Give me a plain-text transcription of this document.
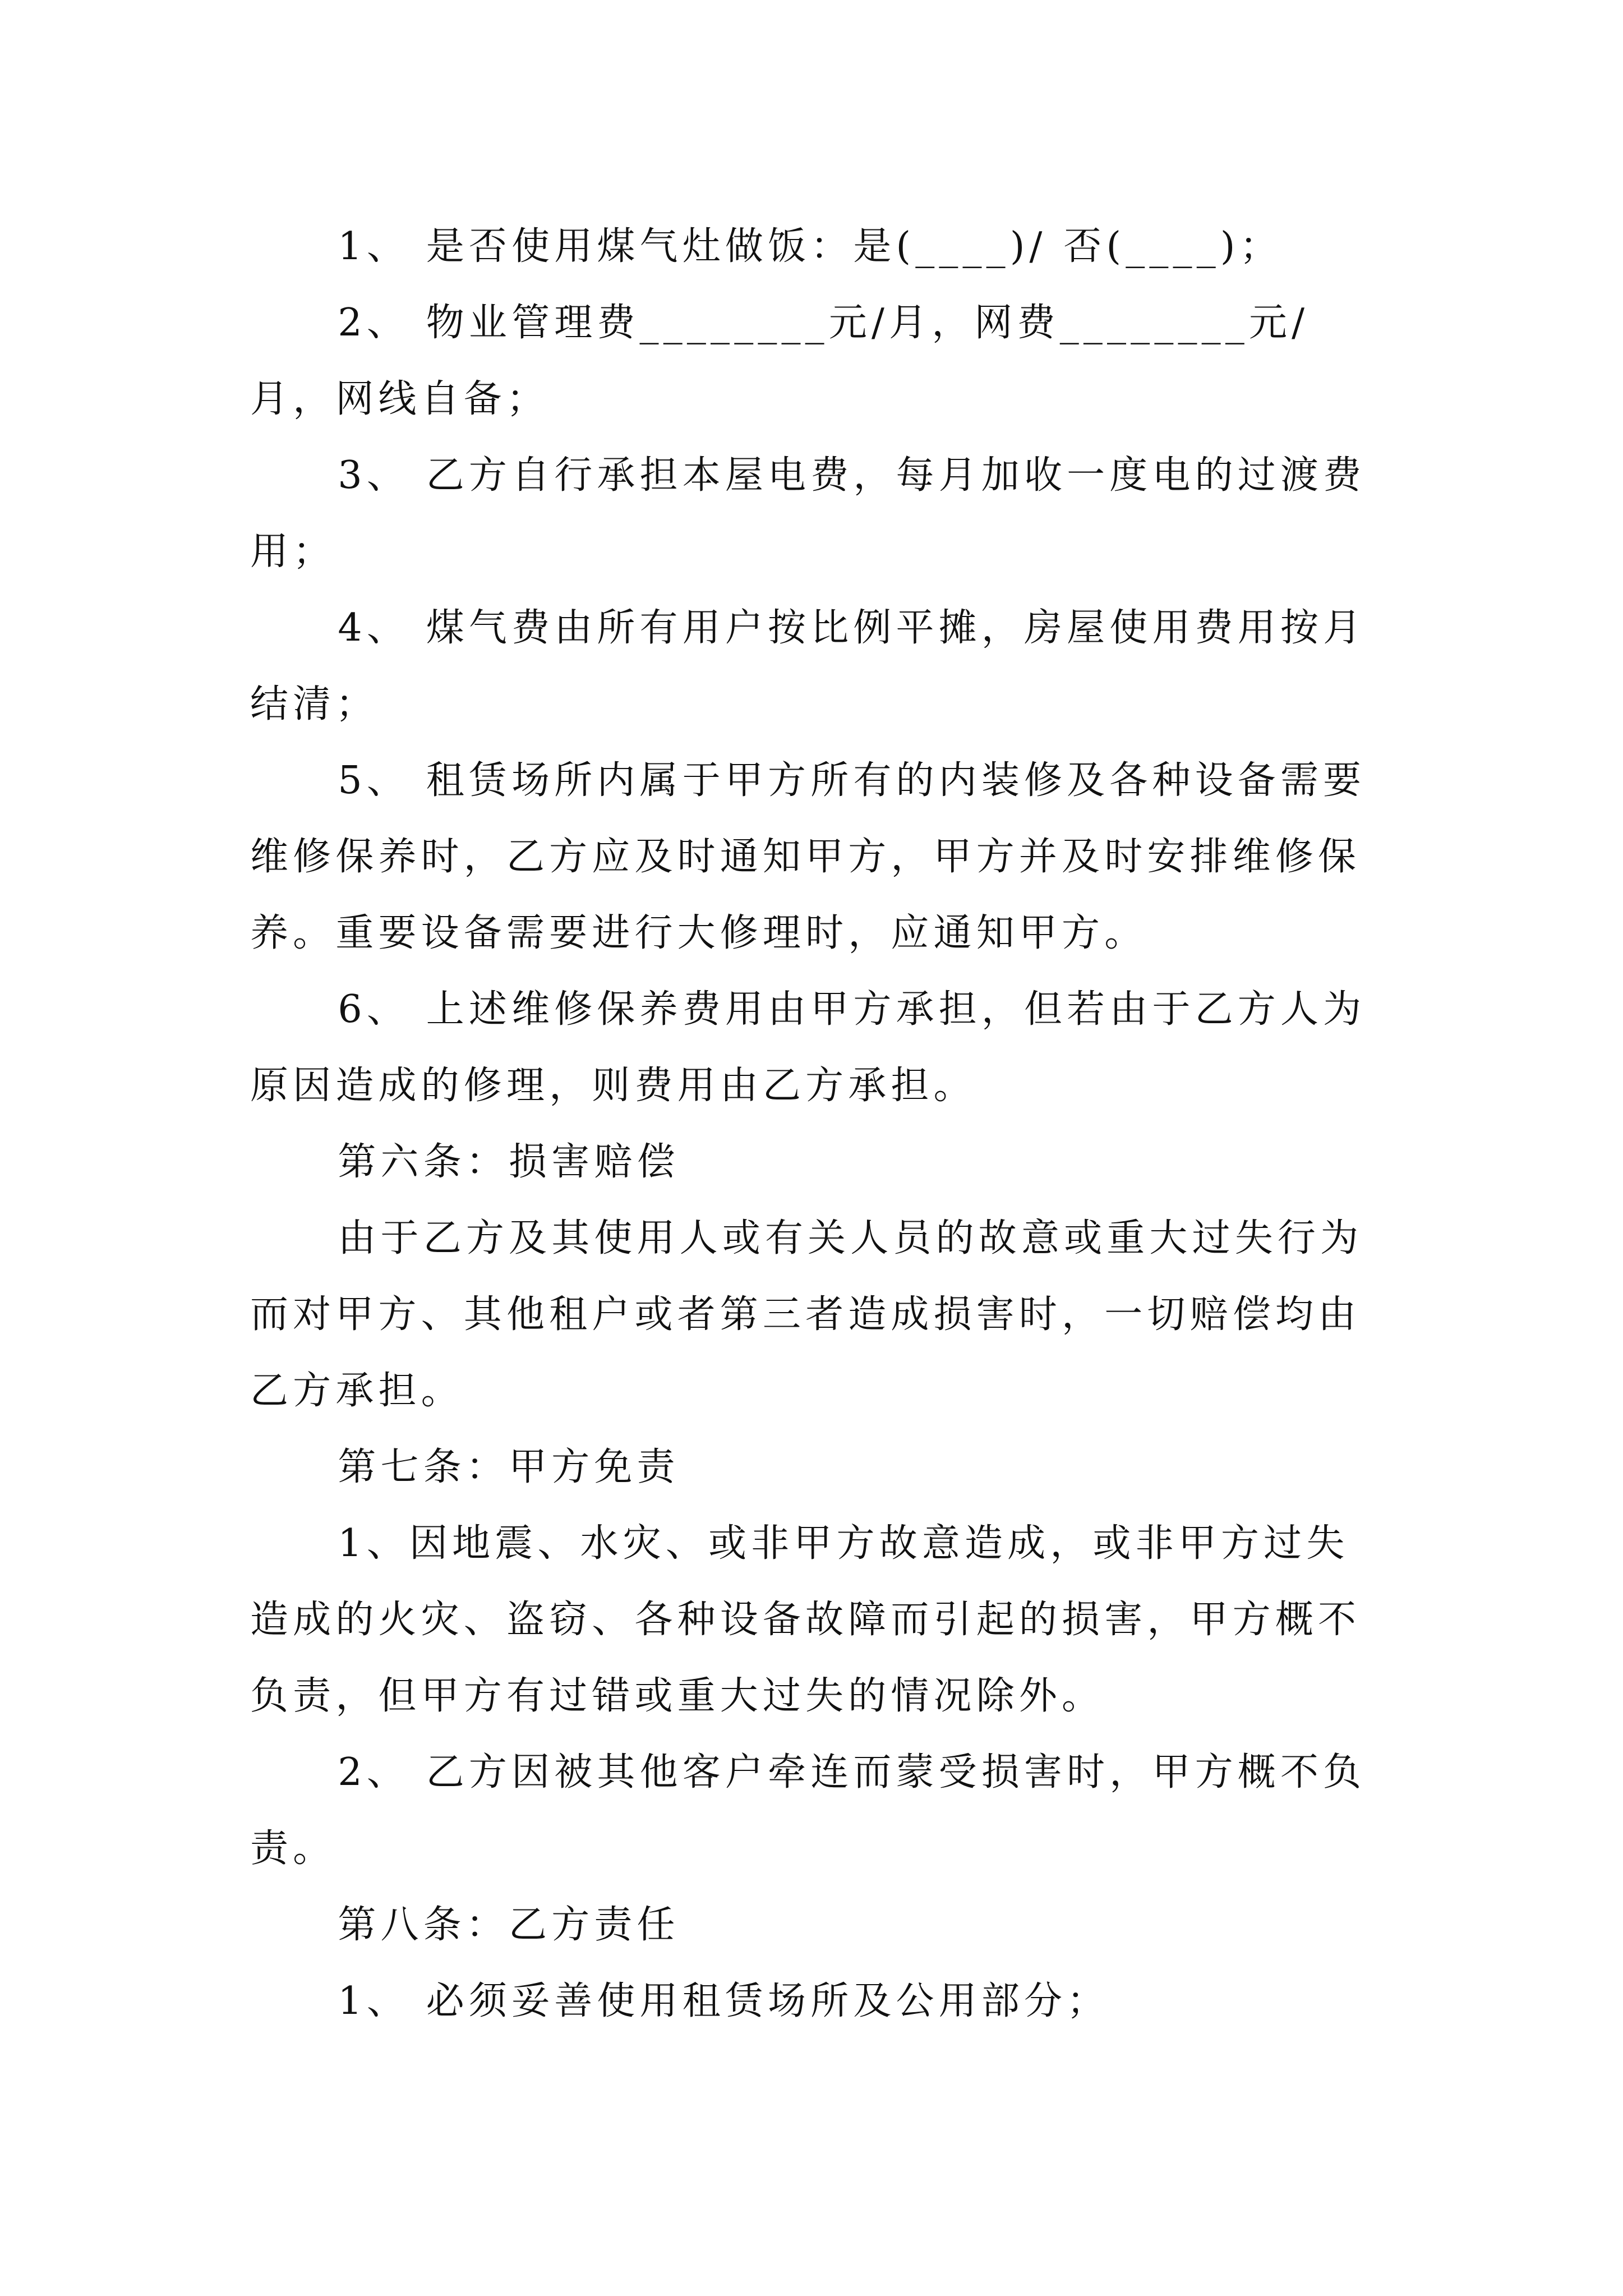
1、 是否使用煤气灶做饭：是(____)/ 否(____)；

2、 物业管理费________元/月，网费________元/月，网线自备；

3、 乙方自行承担本屋电费，每月加收一度电的过渡费用；

4、 煤气费由所有用户按比例平摊，房屋使用费用按月结清；

5、 租赁场所内属于甲方所有的内装修及各种设备需要维修保养时，乙方应及时通知甲方，甲方并及时安排维修保养。重要设备需要进行大修理时，应通知甲方。

6、 上述维修保养费用由甲方承担，但若由于乙方人为原因造成的修理，则费用由乙方承担。

第六条：损害赔偿

由于乙方及其使用人或有关人员的故意或重大过失行为而对甲方、其他租户或者第三者造成损害时，一切赔偿均由乙方承担。

第七条：甲方免责

1、因地震、水灾、或非甲方故意造成，或非甲方过失造成的火灾、盗窃、各种设备故障而引起的损害，甲方概不负责，但甲方有过错或重大过失的情况除外。

2、 乙方因被其他客户牵连而蒙受损害时，甲方概不负责。

第八条：乙方责任

1、 必须妥善使用租赁场所及公用部分；
